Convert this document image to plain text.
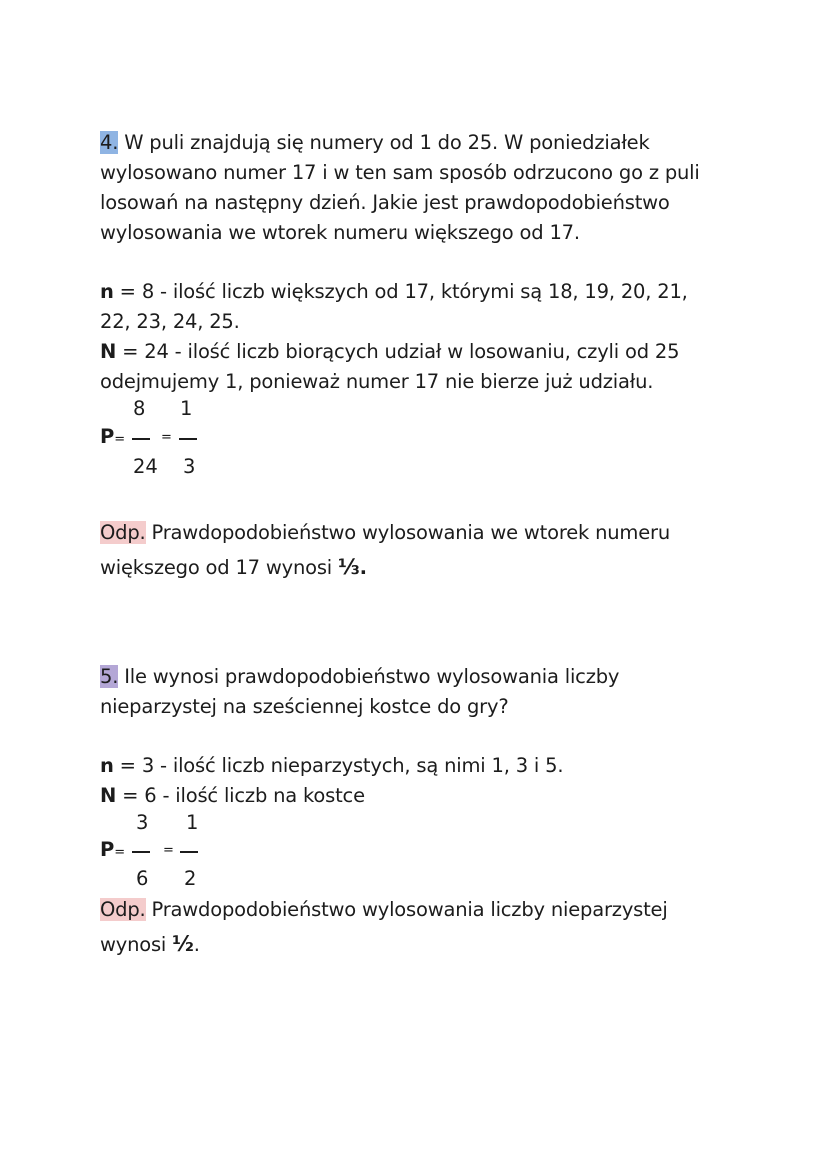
4. W puli znajdują się numery od 1 do 25. W poniedziałek
wylosowano numer 17 i w ten sam sposób odrzucono go z puli
losowań na następny dzień. Jakie jest prawdopodobieństwo
wylosowania we wtorek numeru większego od 17.

n = 8 - ilość liczb większych od 17, którymi są 18, 19, 20, 21,
22, 23, 24, 25.
N = 24 - ilość liczb biorących udział w losowaniu, czyli od 25
odejmujemy 1, ponieważ numer 17 nie bierze już udziału.

8 1
P=	=
24 3

Odp. Prawdopodobieństwo wylosowania we wtorek numeru
większego od 17 wynosi ⅓.

5. Ile wynosi prawdopodobieństwo wylosowania liczby
nieparzystej na sześciennej kostce do gry?

n = 3 - ilość liczb nieparzystych, są nimi 1, 3 i 5.
N = 6 - ilość liczb na kostce

3 1
P=	=
6 2

Odp. Prawdopodobieństwo wylosowania liczby nieparzystej
wynosi ½.
